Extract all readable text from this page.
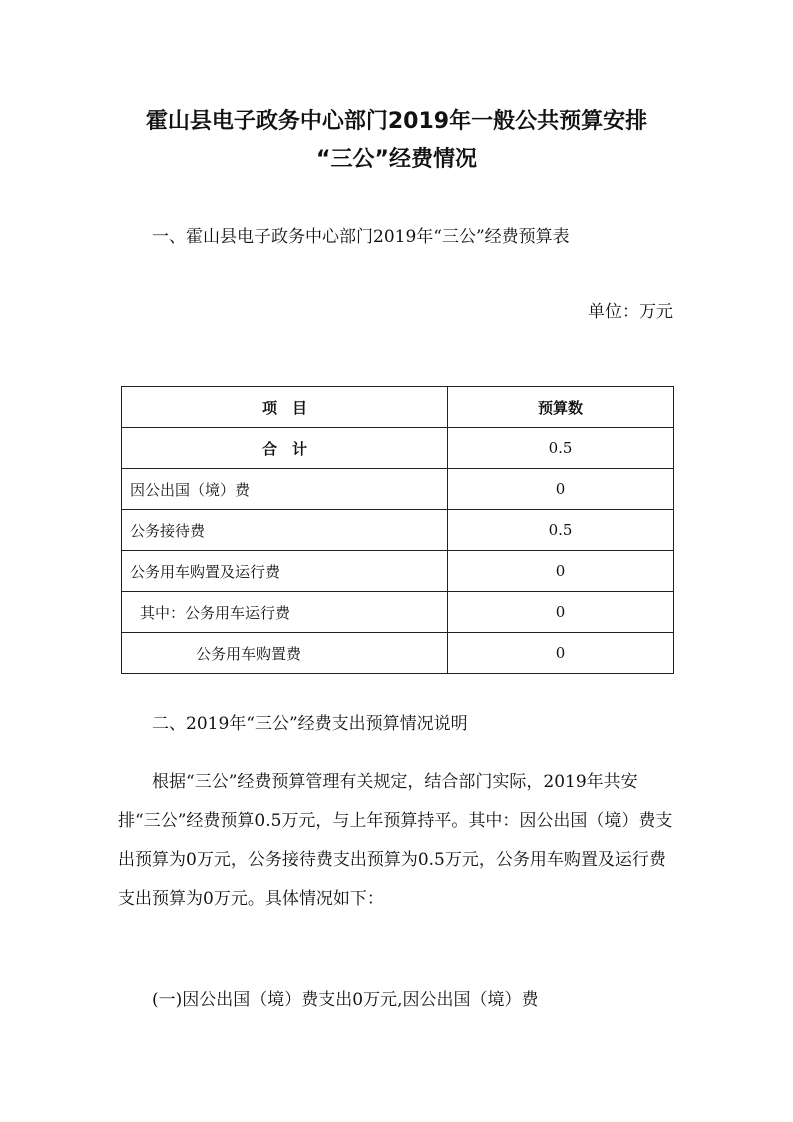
霍山县电子政务中心部门2019年一般公共预算安排
“三公”经费情况

一、霍山县电子政务中心部门2019年“三公”经费预算表

单位：万元

项　目	预算数
合　计	0.5
因公出国（境）费	0
公务接待费	0.5
公务用车购置及运行费	0
其中：公务用车运行费	0
公务用车购置费	0

二、2019年“三公”经费支出预算情况说明

根据“三公”经费预算管理有关规定，结合部门实际，2019年共安排“三公”经费预算0.5万元，与上年预算持平。其中：因公出国（境）费支出预算为0万元，公务接待费支出预算为0.5万元，公务用车购置及运行费支出预算为0万元。具体情况如下：

(一)因公出国（境）费支出0万元,因公出国（境）费
